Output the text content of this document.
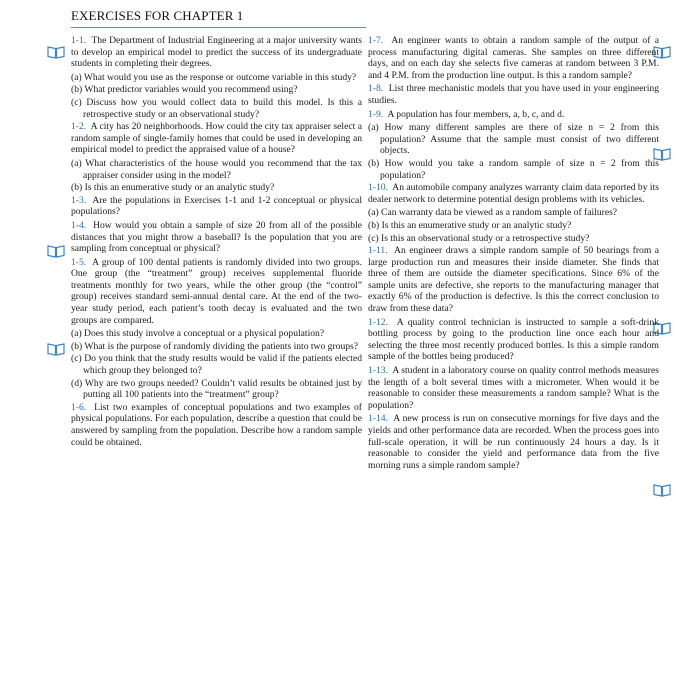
EXERCISES FOR CHAPTER 1
1-1. The Department of Industrial Engineering at a major university wants to develop an empirical model to predict the success of its undergraduate students in completing their degrees.
(a) What would you use as the response or outcome variable in this study?
(b) What predictor variables would you recommend using?
(c) Discuss how you would collect data to build this model. Is this a retrospective study or an observational study?
1-2. A city has 20 neighborhoods. How could the city tax appraiser select a random sample of single-family homes that could be used in developing an empirical model to predict the appraised value of a house?
(a) What characteristics of the house would you recommend that the tax appraiser consider using in the model?
(b) Is this an enumerative study or an analytic study?
1-3. Are the populations in Exercises 1-1 and 1-2 conceptual or physical populations?
1-4. How would you obtain a sample of size 20 from all of the possible distances that you might throw a baseball? Is the population that you are sampling from conceptual or physical?
1-5. A group of 100 dental patients is randomly divided into two groups. One group (the “treatment” group) receives supplemental fluoride treatments monthly for two years, while the other group (the “control” group) receives standard semi-annual dental care. At the end of the two-year study period, each patient’s tooth decay is evaluated and the two groups are compared.
(a) Does this study involve a conceptual or a physical population?
(b) What is the purpose of randomly dividing the patients into two groups?
(c) Do you think that the study results would be valid if the patients elected which group they belonged to?
(d) Why are two groups needed? Couldn’t valid results be obtained just by putting all 100 patients into the “treatment” group?
1-6. List two examples of conceptual populations and two examples of physical populations. For each population, describe a question that could be answered by sampling from the population. Describe how a random sample could be obtained.
1-7. An engineer wants to obtain a random sample of the output of a process manufacturing digital cameras. She samples on three different days, and on each day she selects five cameras at random between 3 P.M. and 4 P.M. from the production line output. Is this a random sample?
1-8. List three mechanistic models that you have used in your engineering studies.
1-9. A population has four members, a, b, c, and d.
(a) How many different samples are there of size n = 2 from this population? Assume that the sample must consist of two different objects.
(b) How would you take a random sample of size n = 2 from this population?
1-10. An automobile company analyzes warranty claim data reported by its dealer network to determine potential design problems with its vehicles.
(a) Can warranty data be viewed as a random sample of failures?
(b) Is this an enumerative study or an analytic study?
(c) Is this an observational study or a retrospective study?
1-11. An engineer draws a simple random sample of 50 bearings from a large production run and measures their inside diameter. She finds that three of them are outside the diameter specifications. Since 6% of the sample units are defective, she reports to the manufacturing manager that exactly 6% of the production is defective. Is this the correct conclusion to draw from these data?
1-12. A quality control technician is instructed to sample a soft-drink bottling process by going to the production line once each hour and selecting the three most recently produced bottles. Is this a simple random sample of the bottles being produced?
1-13. A student in a laboratory course on quality control methods measures the length of a bolt several times with a micrometer. When would it be reasonable to consider these measurements a random sample? What is the population?
1-14. A new process is run on consecutive mornings for five days and the yields and other performance data are recorded. When the process goes into full-scale operation, it will be run continuously 24 hours a day. Is it reasonable to consider the yield and performance data from the five morning runs a simple random sample?
